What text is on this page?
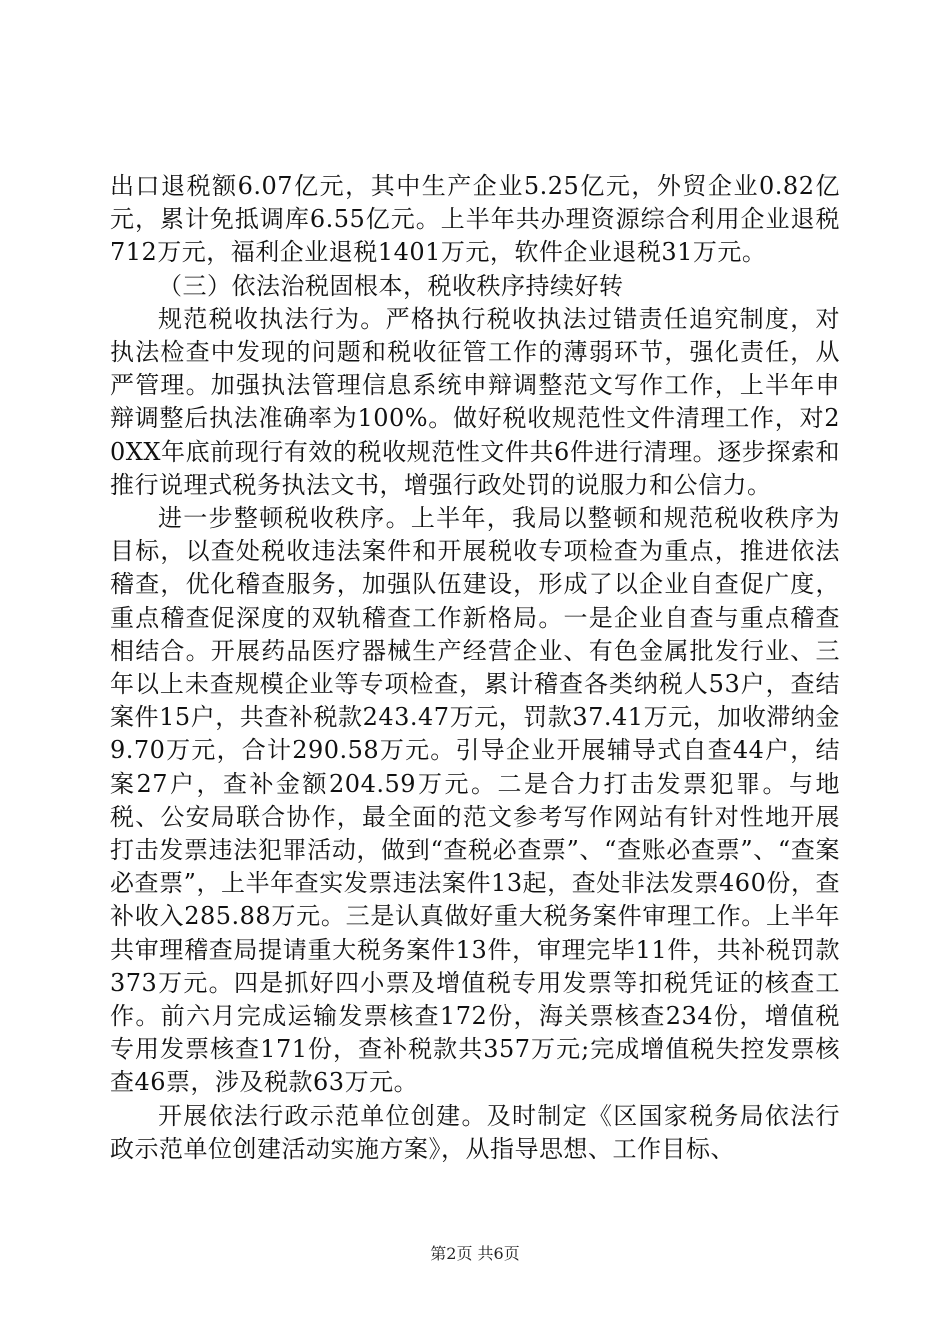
出口退税额6.07亿元，其中生产企业5.25亿元，外贸企业0.82亿元，累计免抵调库6.55亿元。上半年共办理资源综合利用企业退税712万元，福利企业退税1401万元，软件企业退税31万元。

（三）依法治税固根本，税收秩序持续好转

规范税收执法行为。严格执行税收执法过错责任追究制度，对执法检查中发现的问题和税收征管工作的薄弱环节，强化责任，从严管理。加强执法管理信息系统申辩调整范文写作工作，上半年申辩调整后执法准确率为100%。做好税收规范性文件清理工作，对20XX年底前现行有效的税收规范性文件共6件进行清理。逐步探索和推行说理式税务执法文书，增强行政处罚的说服力和公信力。

进一步整顿税收秩序。上半年，我局以整顿和规范税收秩序为目标，以查处税收违法案件和开展税收专项检查为重点，推进依法稽查，优化稽查服务，加强队伍建设，形成了以企业自查促广度，重点稽查促深度的双轨稽查工作新格局。一是企业自查与重点稽查相结合。开展药品医疗器械生产经营企业、有色金属批发行业、三年以上未查规模企业等专项检查，累计稽查各类纳税人53户，查结案件15户，共查补税款243.47万元，罚款37.41万元，加收滞纳金9.70万元，合计290.58万元。引导企业开展辅导式自查44户，结案27户，查补金额204.59万元。二是合力打击发票犯罪。与地税、公安局联合协作，最全面的范文参考写作网站有针对性地开展打击发票违法犯罪活动，做到“查税必查票”、“查账必查票”、“查案必查票”，上半年查实发票违法案件13起，查处非法发票460份，查补收入285.88万元。三是认真做好重大税务案件审理工作。上半年共审理稽查局提请重大税务案件13件，审理完毕11件，共补税罚款373万元。四是抓好四小票及增值税专用发票等扣税凭证的核查工作。前六月完成运输发票核查172份，海关票核查234份，增值税专用发票核查171份，查补税款共357万元;完成增值税失控发票核查46票，涉及税款63万元。

开展依法行政示范单位创建。及时制定《区国家税务局依法行政示范单位创建活动实施方案》，从指导思想、工作目标、

第2页 共6页
